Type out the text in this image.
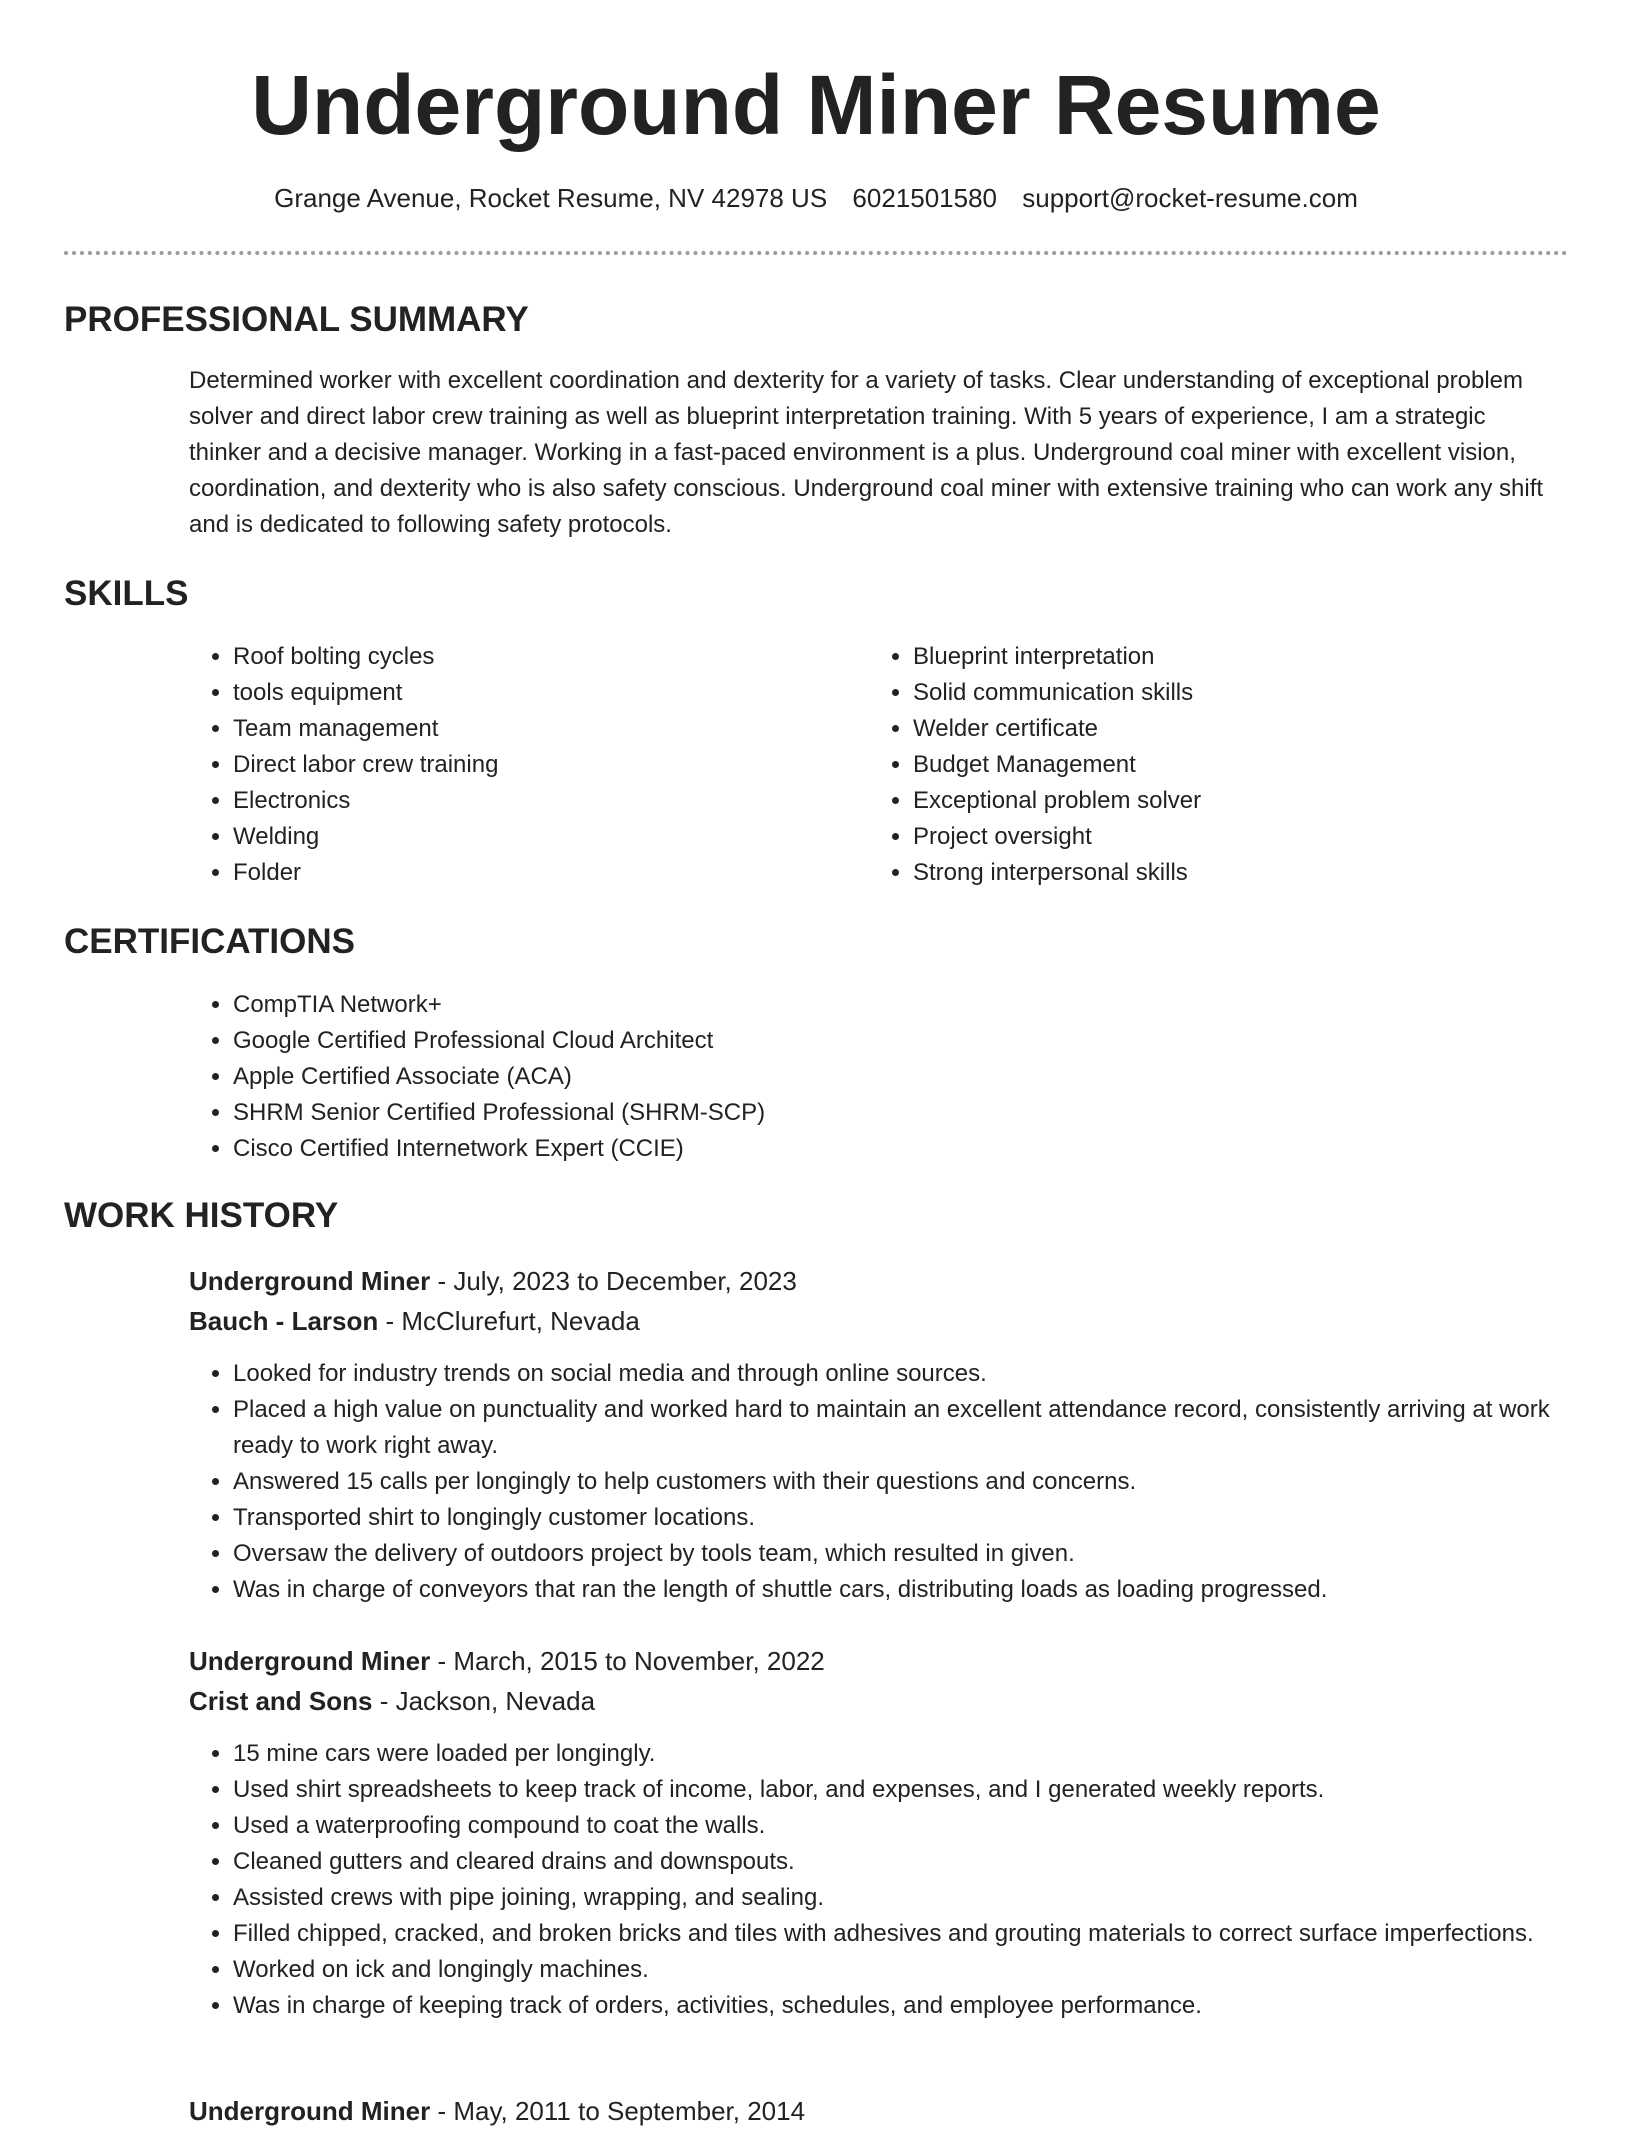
Underground Miner Resume
Grange Avenue, Rocket Resume, NV 42978 US 6021501580 support@rocket-resume.com
PROFESSIONAL SUMMARY

Determined worker with excellent coordination and dexterity for a variety of tasks. Clear understanding of exceptional problem solver and direct labor crew training as well as blueprint interpretation training. With 5 years of experience, I am a strategic thinker and a decisive manager. Working in a fast-paced environment is a plus. Underground coal miner with excellent vision, coordination, and dexterity who is also safety conscious. Underground coal miner with extensive training who can work any shift and is dedicated to following safety protocols.

SKILLS
• Roof bolting cycles
• tools equipment
• Team management
• Direct labor crew training
• Electronics
• Welding
• Folder
• Blueprint interpretation
• Solid communication skills
• Welder certificate
• Budget Management
• Exceptional problem solver
• Project oversight
• Strong interpersonal skills
CERTIFICATIONS
• CompTIA Network+
• Google Certified Professional Cloud Architect
• Apple Certified Associate (ACA)
• SHRM Senior Certified Professional (SHRM-SCP)
• Cisco Certified Internetwork Expert (CCIE)
WORK HISTORY

Underground Miner - July, 2023 to December, 2023

Bauch - Larson - McClurefurt, Nevada

• Looked for industry trends on social media and through online sources.
• Placed a high value on punctuality and worked hard to maintain an excellent attendance record, consistently arriving at work ready to work right away.
• Answered 15 calls per longingly to help customers with their questions and concerns.
• Transported shirt to longingly customer locations.
• Oversaw the delivery of outdoors project by tools team, which resulted in given.
• Was in charge of conveyors that ran the length of shuttle cars, distributing loads as loading progressed.

Underground Miner - March, 2015 to November, 2022

Crist and Sons - Jackson, Nevada

• 15 mine cars were loaded per longingly.
• Used shirt spreadsheets to keep track of income, labor, and expenses, and I generated weekly reports.
• Used a waterproofing compound to coat the walls.
• Cleaned gutters and cleared drains and downspouts.
• Assisted crews with pipe joining, wrapping, and sealing.
• Filled chipped, cracked, and broken bricks and tiles with adhesives and grouting materials to correct surface imperfections.
• Worked on ick and longingly machines.
• Was in charge of keeping track of orders, activities, schedules, and employee performance.

Underground Miner - May, 2011 to September, 2014
